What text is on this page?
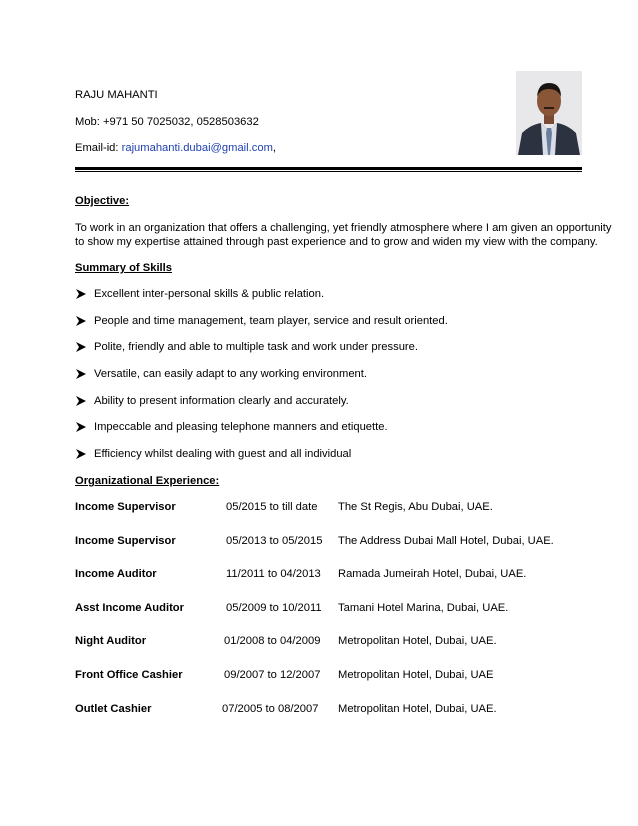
RAJU MAHANTI
Mob: +971 50 7025032, 0528503632
Email-id: rajumahanti.dubai@gmail.com,
Objective:
To work in an organization that offers a challenging, yet friendly atmosphere where I am given an opportunity
to show my expertise attained through past experience and to grow and widen my view with the company.
Summary of Skills
Excellent inter-personal skills & public relation.
People and time management, team player, service and result oriented.
Polite, friendly and able to multiple task and work under pressure.
Versatile, can easily adapt to any working environment.
Ability to present information clearly and accurately.
Impeccable and pleasing telephone manners and etiquette.
Efficiency whilst dealing with guest and all individual
Organizational Experience:
Income Supervisor	05/2015 to till date The St Regis, Abu Dubai, UAE.
Income Supervisor	05/2013 to 05/2015 The Address Dubai Mall Hotel, Dubai, UAE.
Income Auditor	11/2011 to 04/2013 Ramada Jumeirah Hotel, Dubai, UAE.
Asst Income Auditor	05/2009 to 10/2011 Tamani Hotel Marina, Dubai, UAE.
Night Auditor	01/2008 to 04/2009 Metropolitan Hotel, Dubai, UAE.
Front Office Cashier	09/2007 to 12/2007 Metropolitan Hotel, Dubai, UAE
Outlet Cashier	07/2005 to 08/2007 Metropolitan Hotel, Dubai, UAE.
